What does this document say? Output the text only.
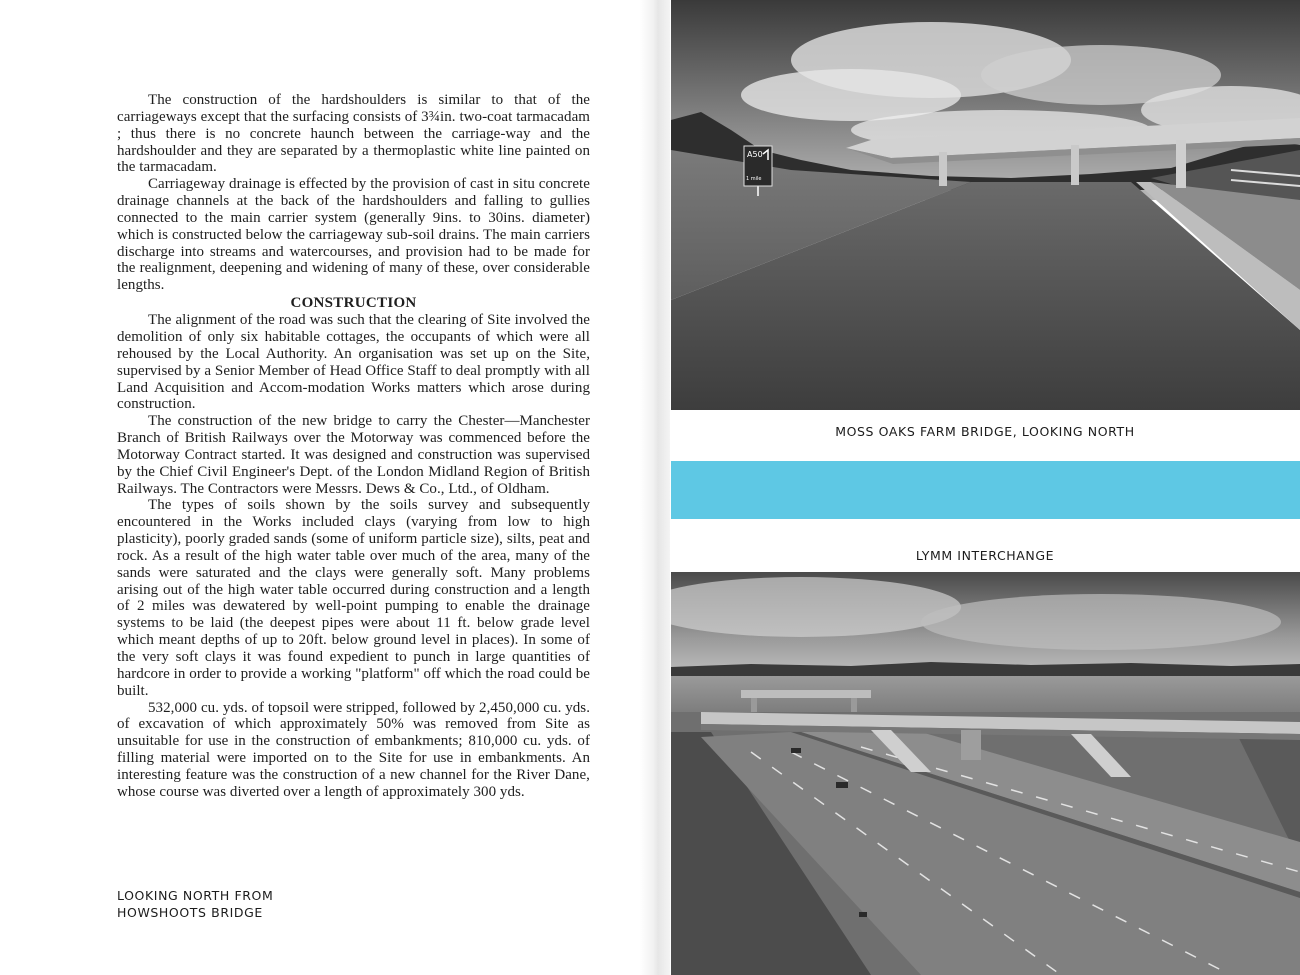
The construction of the hardshoulders is similar to that of the carriageways except that the surfacing consists of 3¾in. two-coat tarmacadam ; thus there is no concrete haunch between the carriage-way and the hardshoulder and they are separated by a thermoplastic white line painted on the tarmacadam.

Carriageway drainage is effected by the provision of cast in situ concrete drainage channels at the back of the hardshoulders and falling to gullies connected to the main carrier system (generally 9ins. to 30ins. diameter) which is constructed below the carriageway sub-soil drains. The main carriers discharge into streams and watercourses, and provision had to be made for the realignment, deepening and widening of many of these, over considerable lengths.

CONSTRUCTION

The alignment of the road was such that the clearing of Site involved the demolition of only six habitable cottages, the occupants of which were all rehoused by the Local Authority. An organisation was set up on the Site, supervised by a Senior Member of Head Office Staff to deal promptly with all Land Acquisition and Accom-modation Works matters which arose during construction.

The construction of the new bridge to carry the Chester—Manchester Branch of British Railways over the Motorway was commenced before the Motorway Contract started. It was designed and construction was supervised by the Chief Civil Engineer's Dept. of the London Midland Region of British Railways. The Contractors were Messrs. Dews & Co., Ltd., of Oldham.

The types of soils shown by the soils survey and subsequently encountered in the Works included clays (varying from low to high plasticity), poorly graded sands (some of uniform particle size), silts, peat and rock. As a result of the high water table over much of the area, many of the sands were saturated and the clays were generally soft. Many problems arising out of the high water table occurred during construction and a length of 2 miles was dewatered by well-point pumping to enable the drainage systems to be laid (the deepest pipes were about 11 ft. below grade level which meant depths of up to 20ft. below ground level in places). In some of the very soft clays it was found expedient to punch in large quantities of hardcore in order to provide a working "platform" off which the road could be built.

532,000 cu. yds. of topsoil were stripped, followed by 2,450,000 cu. yds. of excavation of which approximately 50% was removed from Site as unsuitable for use in the construction of embankments; 810,000 cu. yds. of filling material were imported on to the Site for use in embankments. An interesting feature was the construction of a new channel for the River Dane, whose course was diverted over a length of approximately 300 yds.

LOOKING NORTH FROM
HOWSHOOTS BRIDGE
A50
1 mile
MOSS OAKS FARM BRIDGE, LOOKING NORTH
LYMM INTERCHANGE
